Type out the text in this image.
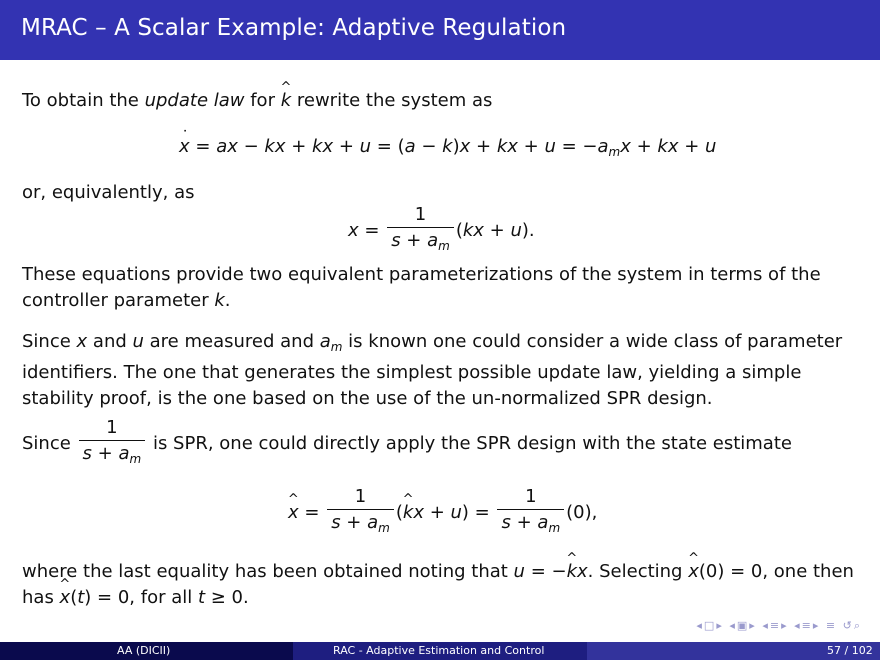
MRAC – A Scalar Example: Adaptive Regulation
To obtain the update law for ^ k rewrite the system as
˙ x = ax − kx + kx + u = (a − k)x + kx + $u = -a_mx$ + kx + u
or, equivalently, as
$x = \frac{1}{s + a_m} (kx + u)$.
These equations provide two equivalent parameterizations of the system in terms of the controller parameter k.
Since x and u are measured and $a_m$ is known one could consider a wide class of parameter identifiers. The one that generates the simplest possible update law, yielding a simple stability proof, is the one based on the use of the un-normalized SPR design.
Since $\frac{1}{s + a_m}$ is SPR, one could directly apply the SPR design with the state estimate
^ $x = \frac{1}{s + a_m}$ (^ kx + $u) = \frac{1}{s + a_m} (0)$,
where the last equality has been obtained noting that u = −^ kx. Selecting ^ x(0) = 0, one then has ^ x(t) = 0, for all t ≥ 0.
◂□▸ ◂▣▸ ◂≡▸ ◂≡▸ ≡ ↺⌕
AA (DICII)	RAC - Adaptive Estimation and Control	57 / 102
